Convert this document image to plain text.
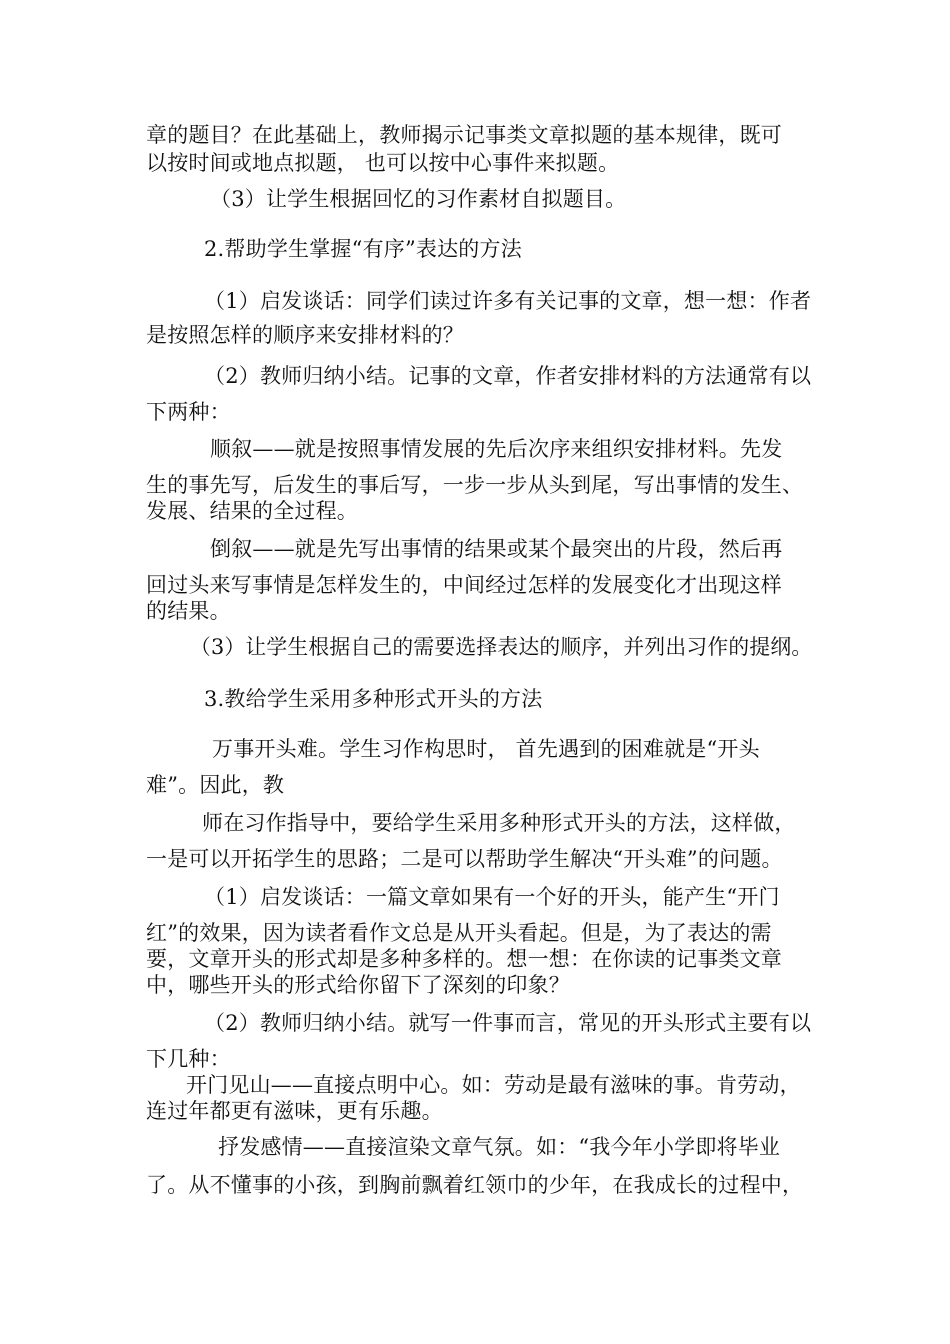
章的题目？在此基础上，教师揭示记事类文章拟题的基本规律，既可
以按时间或地点拟题， 也可以按中心事件来拟题。
（3）让学生根据回忆的习作素材自拟题目。
2.帮助学生掌握“有序”表达的方法
（1）启发谈话：同学们读过许多有关记事的文章，想一想：作者
是按照怎样的顺序来安排材料的？
（2）教师归纳小结。记事的文章，作者安排材料的方法通常有以
下两种：
顺叙——就是按照事情发展的先后次序来组织安排材料。先发
生的事先写，后发生的事后写，一步一步从头到尾，写出事情的发生、
发展、结果的全过程。
倒叙——就是先写出事情的结果或某个最突出的片段，然后再
回过头来写事情是怎样发生的，中间经过怎样的发展变化才出现这样
的结果。
（3）让学生根据自己的需要选择表达的顺序，并列出习作的提纲。
3.教给学生采用多种形式开头的方法
万事开头难。学生习作构思时， 首先遇到的困难就是“开头
难”。因此，教
师在习作指导中，要给学生采用多种形式开头的方法，这样做，
一是可以开拓学生的思路；二是可以帮助学生解决“开头难”的问题。
（1）启发谈话：一篇文章如果有一个好的开头，能产生“开门
红”的效果，因为读者看作文总是从开头看起。但是，为了表达的需
要，文章开头的形式却是多种多样的。想一想：在你读的记事类文章
中，哪些开头的形式给你留下了深刻的印象？
（2）教师归纳小结。就写一件事而言，常见的开头形式主要有以
下几种：
开门见山——直接点明中心。如：劳动是最有滋味的事。肯劳动，
连过年都更有滋味，更有乐趣。
抒发感情——直接渲染文章气氛。如：“我今年小学即将毕业
了。从不懂事的小孩，到胸前飘着红领巾的少年，在我成长的过程中，
